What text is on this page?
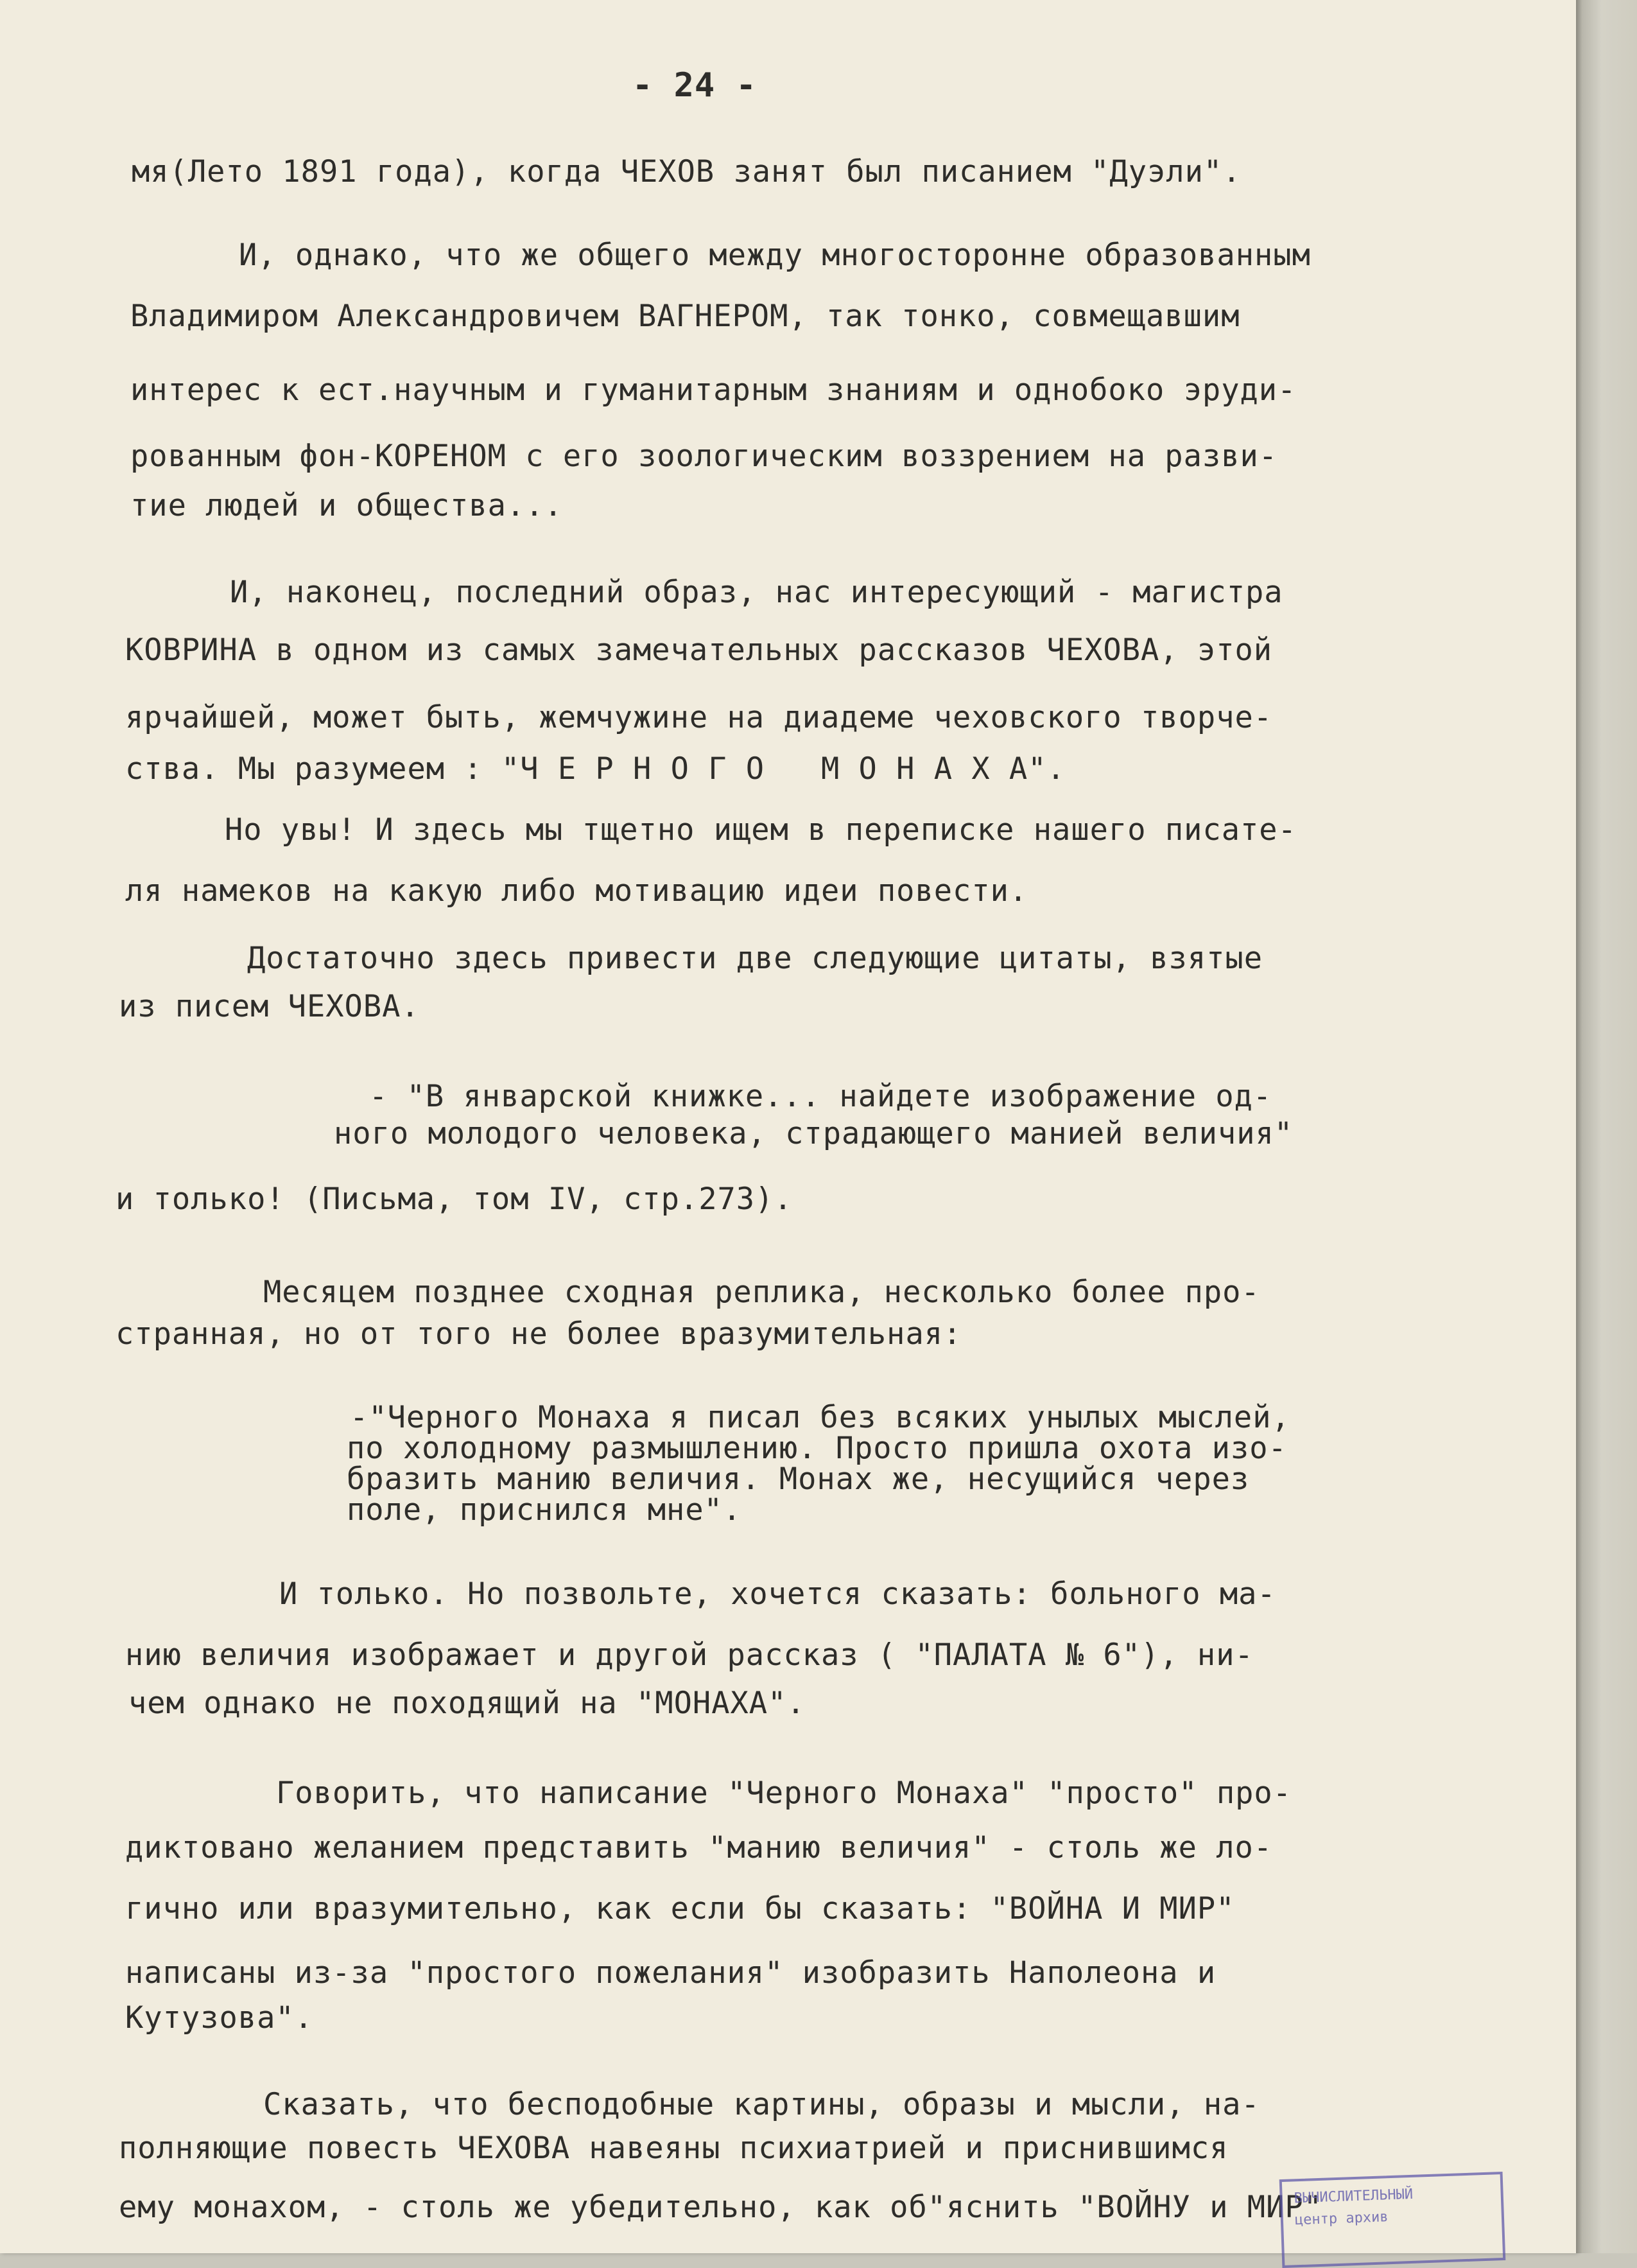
- 24 -
мя(Лето 1891 года), когда ЧЕХОВ занят был писанием "Дуэли".
И, однако, что же общего между многосторонне образованным
Владимиром Александровичем ВАГНЕРОМ, так тонко, совмещавшим
интерес к ест.научным и гуманитарным знаниям и однобоко эруди-
рованным фон-КОРЕНОМ с его зоологическим воззрением на разви-
тие людей и общества...
И, наконец, последний образ, нас интересующий - магистра
КОВРИНА в одном из самых замечательных рассказов ЧЕХОВА, этой
ярчайшей, может быть, жемчужине на диадеме чеховского творче-
ства. Мы разумеем : "Ч Е Р Н О Г О   М О Н А Х А".
Но увы! И здесь мы тщетно ищем в переписке нашего писате-
ля намеков на какую либо мотивацию идеи повести.
Достаточно здесь привести две следующие цитаты, взятые
из писем ЧЕХОВА.
- "В январской книжке... найдете изображение од-
ного молодого человека, страдающего манией величия"
и только! (Письма, том IV, стр.273).
Месяцем позднее сходная реплика, несколько более про-
странная, но от того не более вразумительная:
-"Черного Монаха я писал без всяких унылых мыслей,
по холодному размышлению. Просто пришла охота изо-
бразить манию величия. Монах же, несущийся через
поле, приснился мне".
И только. Но позвольте, хочется сказать: больного ма-
нию величия изображает и другой рассказ ( "ПАЛАТА № 6"), ни-
чем однако не походящий на "МОНАХА".
Говорить, что написание "Черного Монаха" "просто" про-
диктовано желанием представить "манию величия" - столь же ло-
гично или вразумительно, как если бы сказать: "ВОЙНА И МИР"
написаны из-за "простого пожелания" изобразить Наполеона и
Кутузова".
Сказать, что бесподобные картины, образы и мысли, на-
полняющие повесть ЧЕХОВА навеяны психиатрией и приснившимся
ему монахом, - столь же убедительно, как об"яснить "ВОЙНУ и МИР"
ВЫЧИСЛИТЕЛЬНЫЙ
центр архив
